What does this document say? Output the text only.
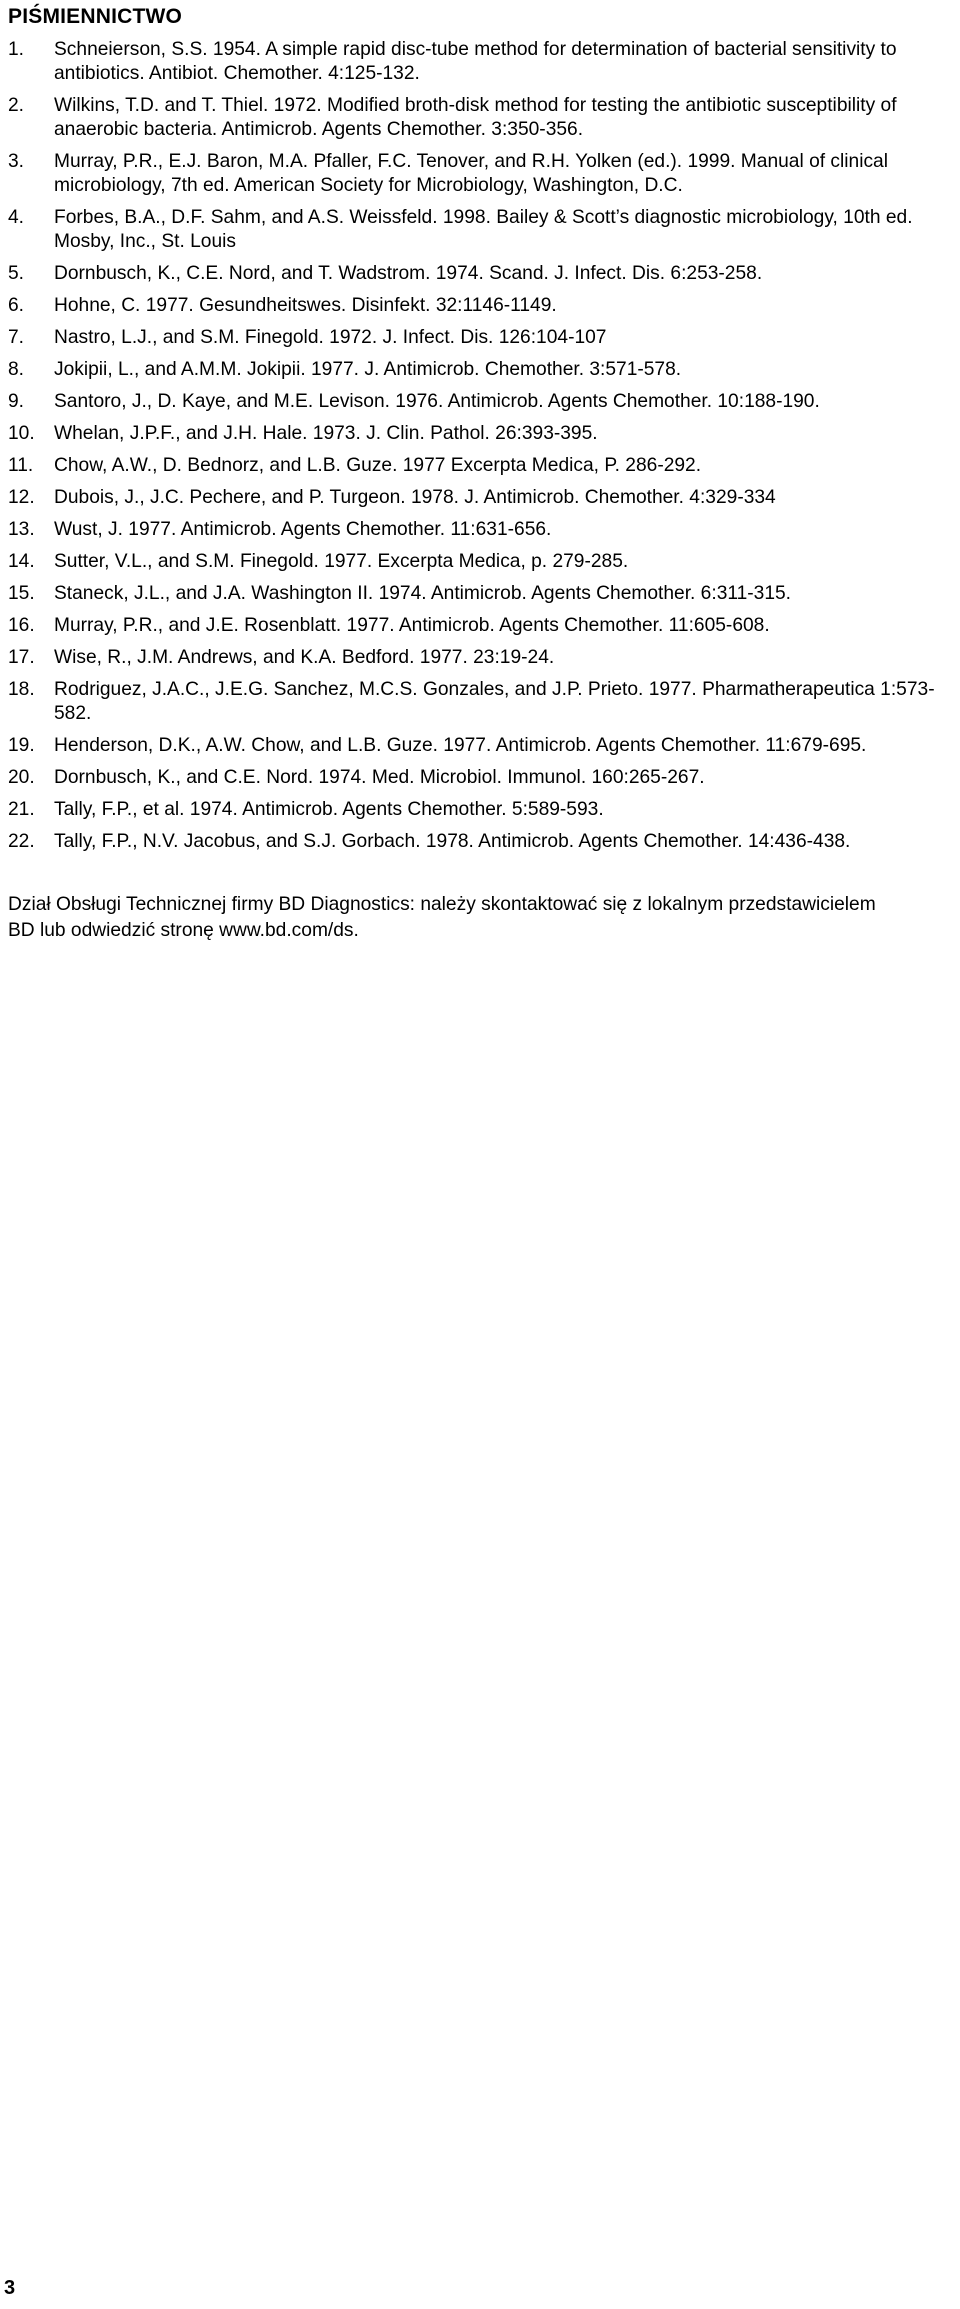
PIŚMIENNICTWO
1.	Schneierson, S.S. 1954. A simple rapid disc-tube method for determination of bacterial sensitivity to antibiotics. Antibiot. Chemother. 4:125-132.
2.	Wilkins, T.D. and T. Thiel. 1972. Modified broth-disk method for testing the antibiotic susceptibility of anaerobic bacteria. Antimicrob. Agents Chemother. 3:350-356.
3.	Murray, P.R., E.J. Baron, M.A. Pfaller, F.C. Tenover, and R.H. Yolken (ed.). 1999. Manual of clinical microbiology, 7th ed. American Society for Microbiology, Washington, D.C.
4.	Forbes, B.A., D.F. Sahm, and A.S. Weissfeld. 1998. Bailey & Scott’s diagnostic microbiology, 10th ed. Mosby, Inc., St. Louis
5.	Dornbusch, K., C.E. Nord, and T. Wadstrom. 1974. Scand. J. Infect. Dis. 6:253-258.
6.	Hohne, C. 1977. Gesundheitswes. Disinfekt. 32:1146-1149.
7.	Nastro, L.J., and S.M. Finegold. 1972. J. Infect. Dis. 126:104-107
8.	Jokipii, L., and A.M.M. Jokipii. 1977. J. Antimicrob. Chemother. 3:571-578.
9.	Santoro, J., D. Kaye, and M.E. Levison. 1976. Antimicrob. Agents Chemother. 10:188-190.
10.	Whelan, J.P.F., and J.H. Hale. 1973. J. Clin. Pathol. 26:393-395.
11.	Chow, A.W., D. Bednorz, and L.B. Guze. 1977 Excerpta Medica, P. 286-292.
12.	Dubois, J., J.C. Pechere, and P. Turgeon. 1978. J. Antimicrob. Chemother. 4:329-334
13.	Wust, J. 1977. Antimicrob. Agents Chemother. 11:631-656.
14.	Sutter, V.L., and S.M. Finegold. 1977. Excerpta Medica, p. 279-285.
15.	Staneck, J.L., and J.A. Washington II. 1974. Antimicrob. Agents Chemother. 6:311-315.
16.	Murray, P.R., and J.E. Rosenblatt. 1977. Antimicrob. Agents Chemother. 11:605-608.
17.	Wise, R., J.M. Andrews, and K.A. Bedford. 1977. 23:19-24.
18.	Rodriguez, J.A.C., J.E.G. Sanchez, M.C.S. Gonzales, and J.P. Prieto. 1977. Pharmatherapeutica 1:573-582.
19.	Henderson, D.K., A.W. Chow, and L.B. Guze. 1977. Antimicrob. Agents Chemother. 11:679-695.
20.	Dornbusch, K., and C.E. Nord. 1974. Med. Microbiol. Immunol. 160:265-267.
21.	Tally, F.P., et al. 1974. Antimicrob. Agents Chemother. 5:589-593.
22.	Tally, F.P., N.V. Jacobus, and S.J. Gorbach. 1978. Antimicrob. Agents Chemother. 14:436-438.
Dział Obsługi Technicznej firmy BD Diagnostics: należy skontaktować się z lokalnym przedstawicielem BD lub odwiedzić stronę www.bd.com/ds.
3
